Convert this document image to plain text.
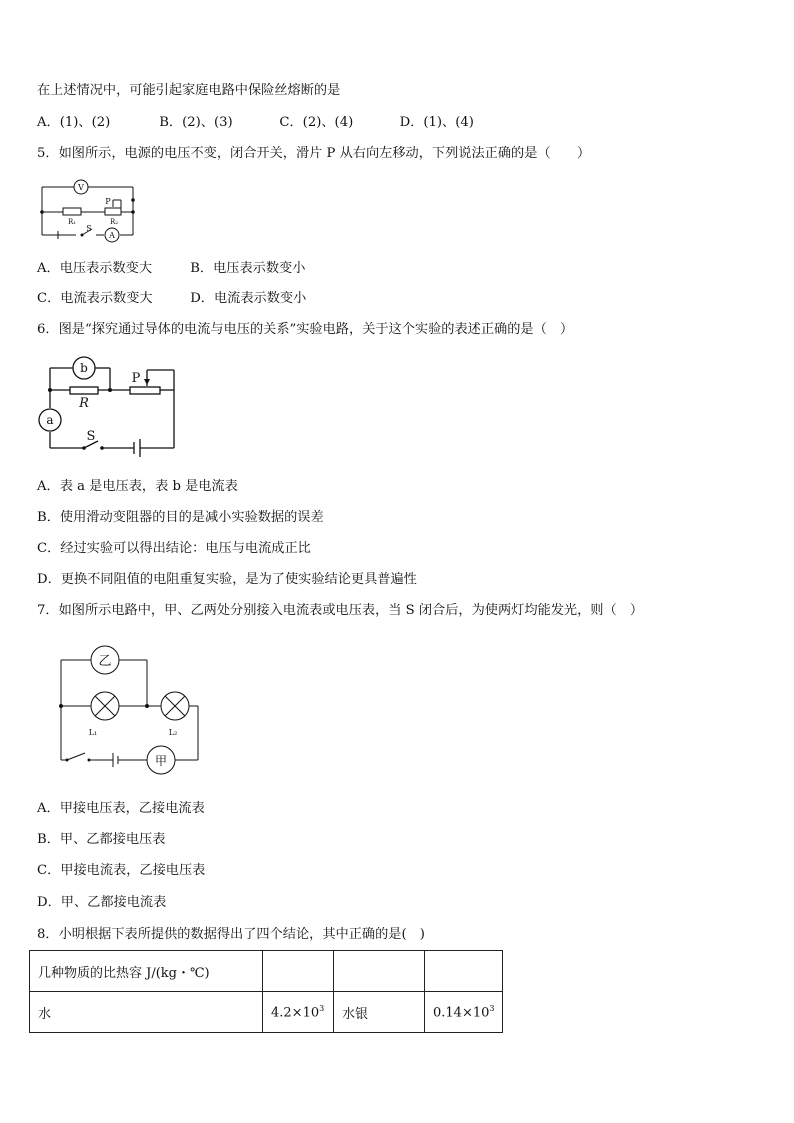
在上述情况中，可能引起家庭电路中保险丝熔断的是
A．(1)、(2)	B．(2)、(3)	C．(2)、(4)	D．(1)、(4)
5．如图所示，电源的电压不变，闭合开关，滑片 P 从右向左移动，下列说法正确的是（　　）
V
A
R₁	R₂
P
S
A．电压表示数变大	B．电压表示数变小
C．电流表示数变大	D．电流表示数变小
6．图是“探究通过导体的电流与电压的关系”实验电路，关于这个实验的表述正确的是（　）
b
a
R
P
S
A．表 a 是电压表，表 b 是电流表
B．使用滑动变阻器的目的是减小实验数据的误差
C．经过实验可以得出结论：电压与电流成正比
D．更换不同阻值的电阻重复实验，是为了使实验结论更具普遍性
7．如图所示电路中，甲、乙两处分别接入电流表或电压表，当 S 闭合后，为使两灯均能发光，则（　）
乙
甲
L₁	L₂
A．甲接电压表，乙接电流表
B．甲、乙都接电压表
C．甲接电流表，乙接电压表
D．甲、乙都接电流表
8．小明根据下表所提供的数据得出了四个结论，其中正确的是(　)
几种物质的比热容 J/(kg・℃)			
水	$4.2\times 10^3$	水银	$0.14\times 10^3$
